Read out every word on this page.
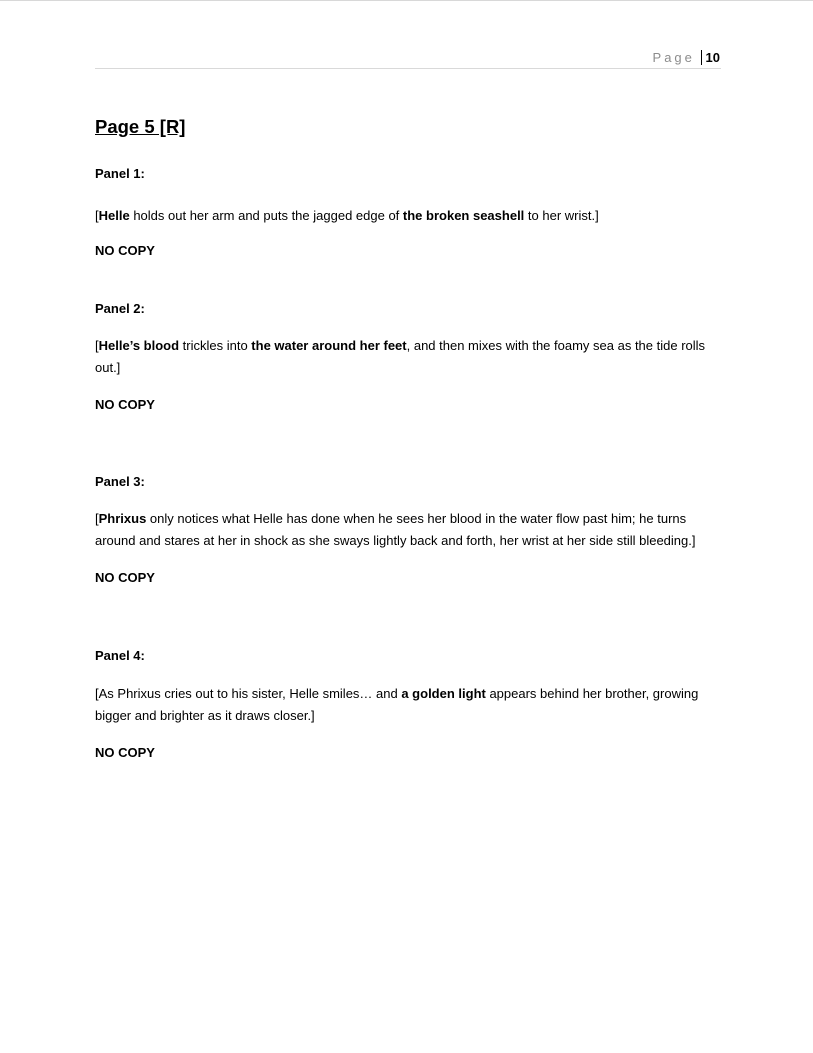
Page 10
Page 5 [R]
Panel 1:
[Helle holds out her arm and puts the jagged edge of the broken seashell to her wrist.]
NO COPY
Panel 2:
[Helle’s blood trickles into the water around her feet, and then mixes with the foamy sea as the tide rolls out.]
NO COPY
Panel 3:
[Phrixus only notices what Helle has done when he sees her blood in the water flow past him; he turns around and stares at her in shock as she sways lightly back and forth, her wrist at her side still bleeding.]
NO COPY
Panel 4:
[As Phrixus cries out to his sister, Helle smiles… and a golden light appears behind her brother, growing bigger and brighter as it draws closer.]
NO COPY
